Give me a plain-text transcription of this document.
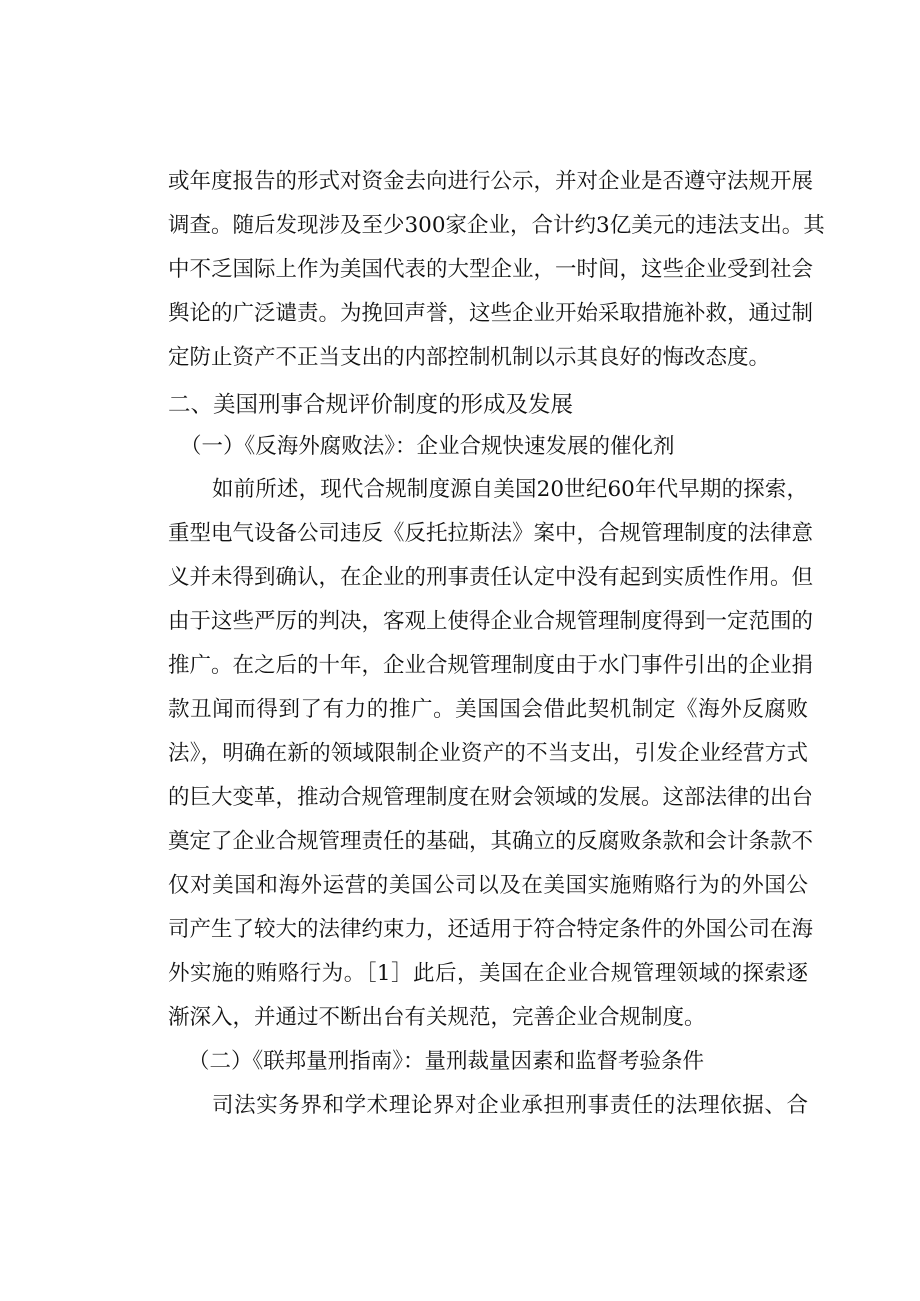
或年度报告的形式对资金去向进行公示，并对企业是否遵守法规开展
调查。随后发现涉及至少300家企业，合计约3亿美元的违法支出。其
中不乏国际上作为美国代表的大型企业，一时间，这些企业受到社会
舆论的广泛谴责。为挽回声誉，这些企业开始采取措施补救，通过制
定防止资产不正当支出的内部控制机制以示其良好的悔改态度。
二、美国刑事合规评价制度的形成及发展
（一）《反海外腐败法》：企业合规快速发展的催化剂
如前所述，现代合规制度源自美国20世纪60年代早期的探索，
重型电气设备公司违反《反托拉斯法》案中，合规管理制度的法律意
义并未得到确认，在企业的刑事责任认定中没有起到实质性作用。但
由于这些严厉的判决，客观上使得企业合规管理制度得到一定范围的
推广。在之后的十年，企业合规管理制度由于水门事件引出的企业捐
款丑闻而得到了有力的推广。美国国会借此契机制定《海外反腐败
法》，明确在新的领域限制企业资产的不当支出，引发企业经营方式
的巨大变革，推动合规管理制度在财会领域的发展。这部法律的出台
奠定了企业合规管理责任的基础，其确立的反腐败条款和会计条款不
仅对美国和海外运营的美国公司以及在美国实施贿赂行为的外国公
司产生了较大的法律约束力，还适用于符合特定条件的外国公司在海
外实施的贿赂行为。［1］此后，美国在企业合规管理领域的探索逐
渐深入，并通过不断出台有关规范，完善企业合规制度。
（二）《联邦量刑指南》：量刑裁量因素和监督考验条件
司法实务界和学术理论界对企业承担刑事责任的法理依据、合
